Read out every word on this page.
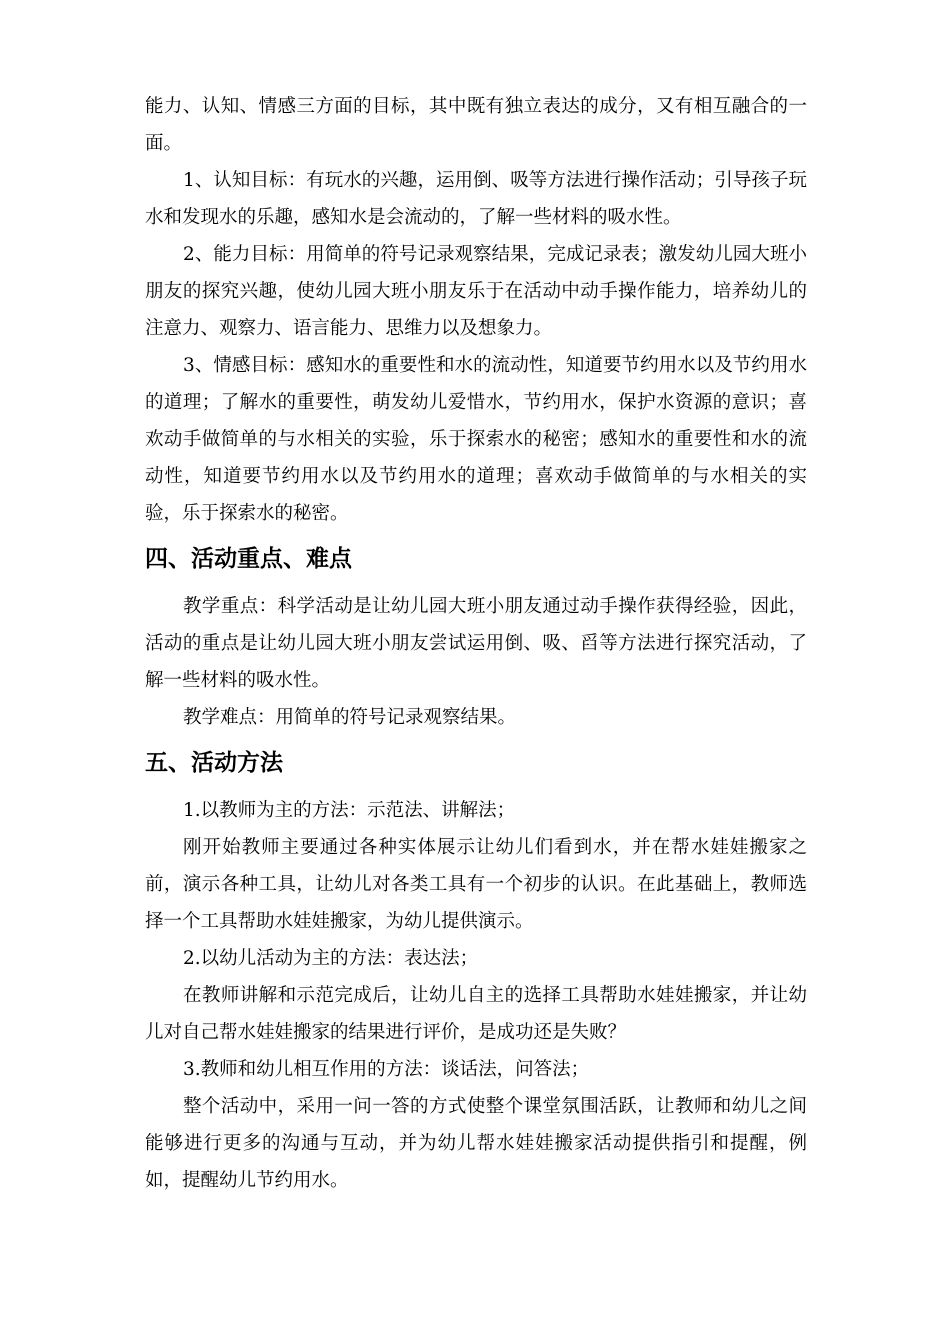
能力、认知、情感三方面的目标，其中既有独立表达的成分，又有相互融合的一面。

1、认知目标：有玩水的兴趣，运用倒、吸等方法进行操作活动；引导孩子玩水和发现水的乐趣，感知水是会流动的，了解一些材料的吸水性。

2、能力目标：用简单的符号记录观察结果，完成记录表；激发幼儿园大班小朋友的探究兴趣，使幼儿园大班小朋友乐于在活动中动手操作能力，培养幼儿的注意力、观察力、语言能力、思维力以及想象力。

3、情感目标：感知水的重要性和水的流动性，知道要节约用水以及节约用水的道理；了解水的重要性，萌发幼儿爱惜水，节约用水，保护水资源的意识；喜欢动手做简单的与水相关的实验，乐于探索水的秘密；感知水的重要性和水的流动性，知道要节约用水以及节约用水的道理；喜欢动手做简单的与水相关的实验，乐于探索水的秘密。

四、活动重点、难点

教学重点：科学活动是让幼儿园大班小朋友通过动手操作获得经验，因此，活动的重点是让幼儿园大班小朋友尝试运用倒、吸、舀等方法进行探究活动，了解一些材料的吸水性。

教学难点：用简单的符号记录观察结果。

五、活动方法

1.以教师为主的方法：示范法、讲解法；

刚开始教师主要通过各种实体展示让幼儿们看到水，并在帮水娃娃搬家之前，演示各种工具，让幼儿对各类工具有一个初步的认识。在此基础上，教师选择一个工具帮助水娃娃搬家，为幼儿提供演示。

2.以幼儿活动为主的方法：表达法；

在教师讲解和示范完成后，让幼儿自主的选择工具帮助水娃娃搬家，并让幼儿对自己帮水娃娃搬家的结果进行评价，是成功还是失败？

3.教师和幼儿相互作用的方法：谈话法，问答法；

整个活动中，采用一问一答的方式使整个课堂氛围活跃，让教师和幼儿之间能够进行更多的沟通与互动，并为幼儿帮水娃娃搬家活动提供指引和提醒，例如，提醒幼儿节约用水。
